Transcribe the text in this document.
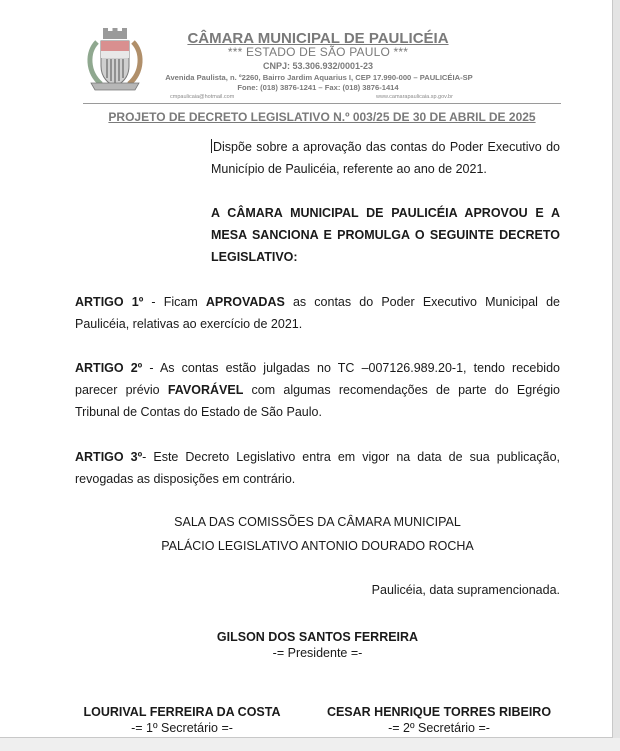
CÂMARA MUNICIPAL DE PAULICÉIA
*** ESTADO DE SÃO PAULO ***
CNPJ: 53.306.932/0001-23
Avenida Paulista, n. º2260, Bairro Jardim Aquarius I, CEP 17.990-000 – PAULICÉIA-SP
Fone: (018) 3876-1241 – Fax: (018) 3876-1414
cmpaulicaia@hotmail.com	www.camarapaulicaia.sp.gov.br
PROJETO DE DECRETO LEGISLATIVO N.º 003/25 DE 30 DE ABRIL DE 2025
Dispõe sobre a aprovação das contas do Poder Executivo do Município de Paulicéia, referente ao ano de 2021.
A CÂMARA MUNICIPAL DE PAULICÉIA APROVOU E A MESA SANCIONA E PROMULGA O SEGUINTE DECRETO LEGISLATIVO:
ARTIGO 1º - Ficam APROVADAS as contas do Poder Executivo Municipal de Paulicéia, relativas ao exercício de 2021.
ARTIGO 2º - As contas estão julgadas no TC –007126.989.20-1, tendo recebido parecer prévio FAVORÁVEL com algumas recomendações de parte do Egrégio Tribunal de Contas do Estado de São Paulo.
ARTIGO 3º- Este Decreto Legislativo entra em vigor na data de sua publicação, revogadas as disposições em contrário.
SALA DAS COMISSÕES DA CÂMARA MUNICIPAL
PALÁCIO LEGISLATIVO ANTONIO DOURADO ROCHA
Paulicéia, data supramencionada.
GILSON DOS SANTOS FERREIRA
-= Presidente =-
LOURIVAL FERREIRA DA COSTA
-= 1º Secretário =-
CESAR HENRIQUE TORRES RIBEIRO
-= 2º Secretário =-
